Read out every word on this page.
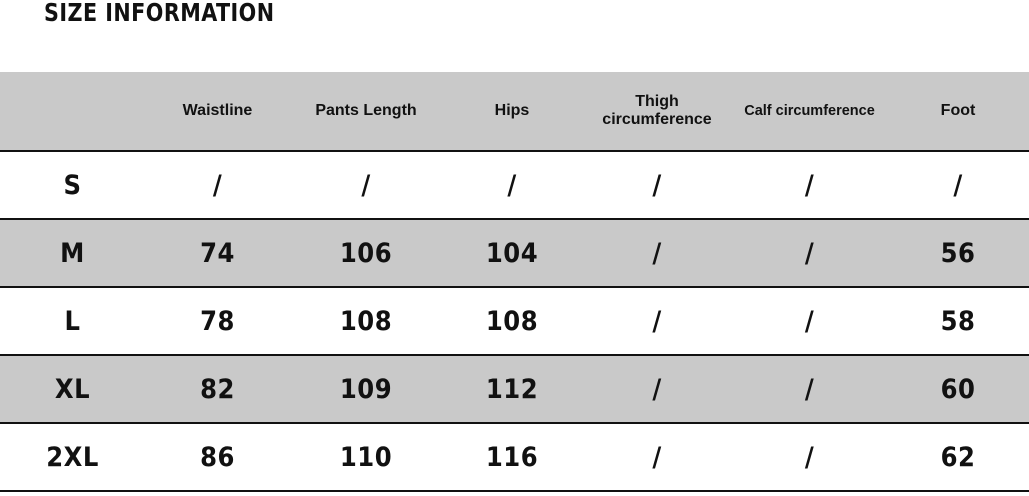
SIZE INFORMATION
	Waistline	Pants Length	Hips	Thigh circumference	Calf circumference	Foot
S	/	/	/	/	/	/
M	74	106	104	/	/	56
L	78	108	108	/	/	58
XL	82	109	112	/	/	60
2XL	86	110	116	/	/	62
